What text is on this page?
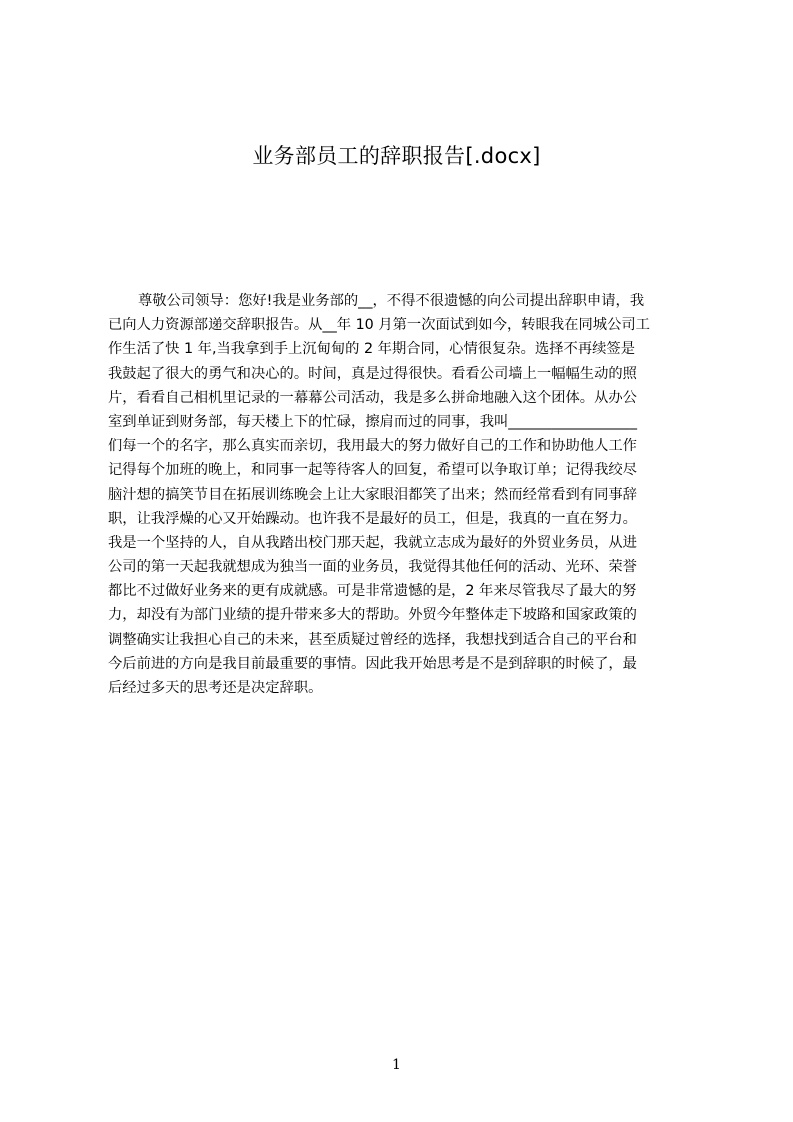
业务部员工的辞职报告[.docx]
尊敬公司领导：您好!我是业务部的__，不得不很遗憾的向公司提出辞职申请，我
已向人力资源部递交辞职报告。从__年 10 月第一次面试到如今，转眼我在同城公司工
作生活了快 1 年,当我拿到手上沉甸甸的 2 年期合同，心情很复杂。选择不再续签是
我鼓起了很大的勇气和决心的。时间，真是过得很快。看看公司墙上一幅幅生动的照
片，看看自己相机里记录的一幕幕公司活动，我是多么拼命地融入这个团体。从办公
室到单证到财务部，每天楼上下的忙碌，擦肩而过的同事，我叫__________________
们每一个的名字，那么真实而亲切，我用最大的努力做好自己的工作和协助他人工作
记得每个加班的晚上，和同事一起等待客人的回复，希望可以争取订单；记得我绞尽
脑汁想的搞笑节目在拓展训练晚会上让大家眼泪都笑了出来；然而经常看到有同事辞
职，让我浮燥的心又开始躁动。也许我不是最好的员工，但是，我真的一直在努力。
我是一个坚持的人，自从我踏出校门那天起，我就立志成为最好的外贸业务员，从进
公司的第一天起我就想成为独当一面的业务员，我觉得其他任何的活动、光环、荣誉
都比不过做好业务来的更有成就感。可是非常遗憾的是，2 年来尽管我尽了最大的努
力，却没有为部门业绩的提升带来多大的帮助。外贸今年整体走下坡路和国家政策的
调整确实让我担心自己的未来，甚至质疑过曾经的选择，我想找到适合自己的平台和
今后前进的方向是我目前最重要的事情。因此我开始思考是不是到辞职的时候了，最
后经过多天的思考还是决定辞职。
1
